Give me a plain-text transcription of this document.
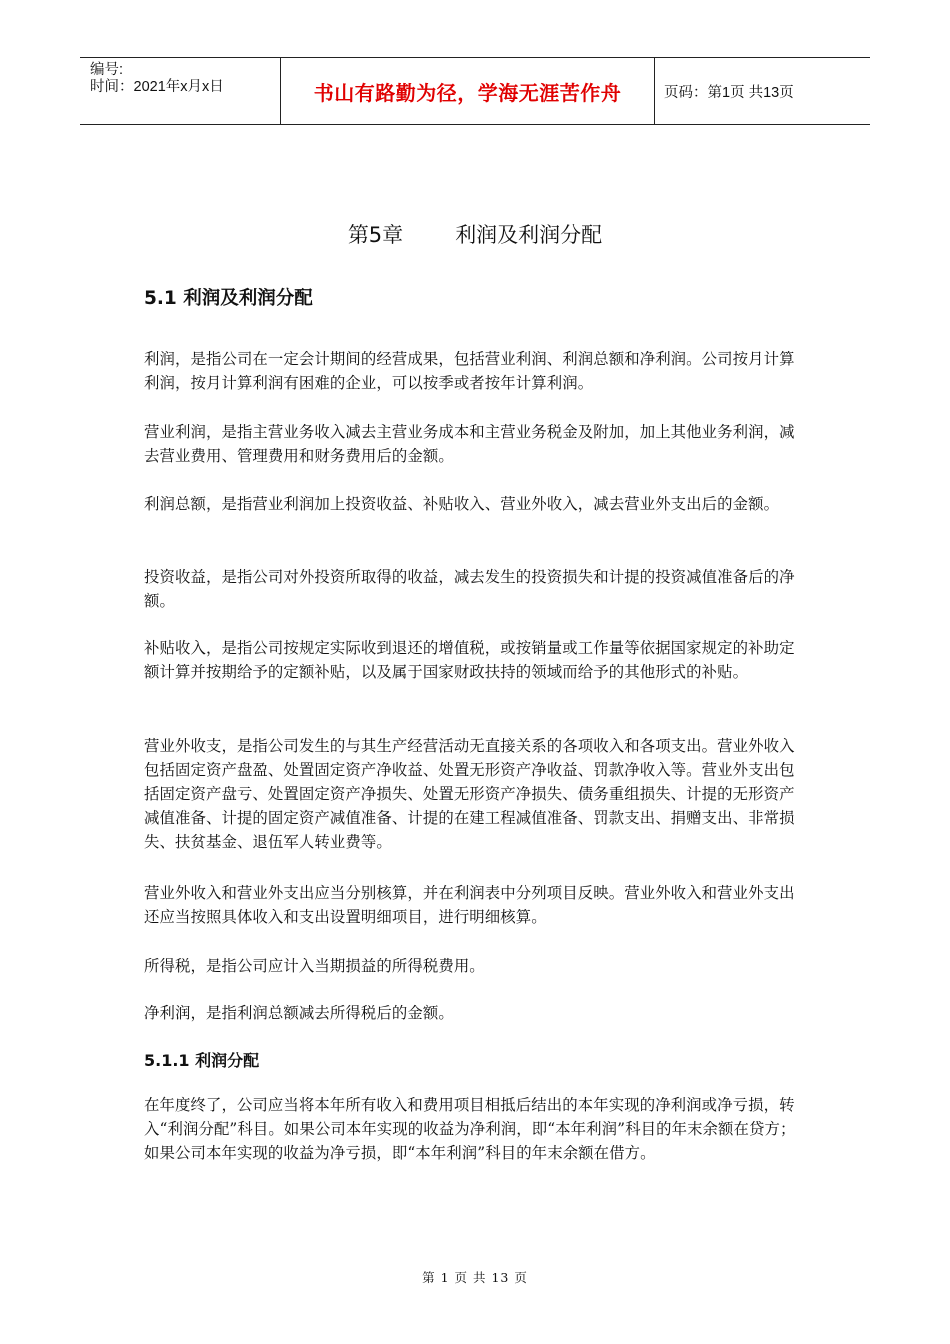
编号:
时间：2021年x月x日	书山有路勤为径，学海无涯苦作舟	页码：第1页 共13页
第5章 利润及利润分配
5.1 利润及利润分配
利润，是指公司在一定会计期间的经营成果，包括营业利润、利润总额和净利润。公司按月计算利润，按月计算利润有困难的企业，可以按季或者按年计算利润。
营业利润，是指主营业务收入减去主营业务成本和主营业务税金及附加，加上其他业务利润，减去营业费用、管理费用和财务费用后的金额。
利润总额，是指营业利润加上投资收益、补贴收入、营业外收入，减去营业外支出后的金额。
投资收益，是指公司对外投资所取得的收益，减去发生的投资损失和计提的投资减值准备后的净额。
补贴收入，是指公司按规定实际收到退还的增值税，或按销量或工作量等依据国家规定的补助定额计算并按期给予的定额补贴，以及属于国家财政扶持的领域而给予的其他形式的补贴。
营业外收支，是指公司发生的与其生产经营活动无直接关系的各项收入和各项支出。营业外收入包括固定资产盘盈、处置固定资产净收益、处置无形资产净收益、罚款净收入等。营业外支出包括固定资产盘亏、处置固定资产净损失、处置无形资产净损失、债务重组损失、计提的无形资产减值准备、计提的固定资产减值准备、计提的在建工程减值准备、罚款支出、捐赠支出、非常损失、扶贫基金、退伍军人转业费等。
营业外收入和营业外支出应当分别核算，并在利润表中分列项目反映。营业外收入和营业外支出还应当按照具体收入和支出设置明细项目，进行明细核算。
所得税，是指公司应计入当期损益的所得税费用。
净利润，是指利润总额减去所得税后的金额。
5.1.1 利润分配
在年度终了，公司应当将本年所有收入和费用项目相抵后结出的本年实现的净利润或净亏损，转入“利润分配”科目。如果公司本年实现的收益为净利润，即“本年利润”科目的年末余额在贷方；如果公司本年实现的收益为净亏损，即“本年利润”科目的年末余额在借方。
第 1 页 共 13 页
